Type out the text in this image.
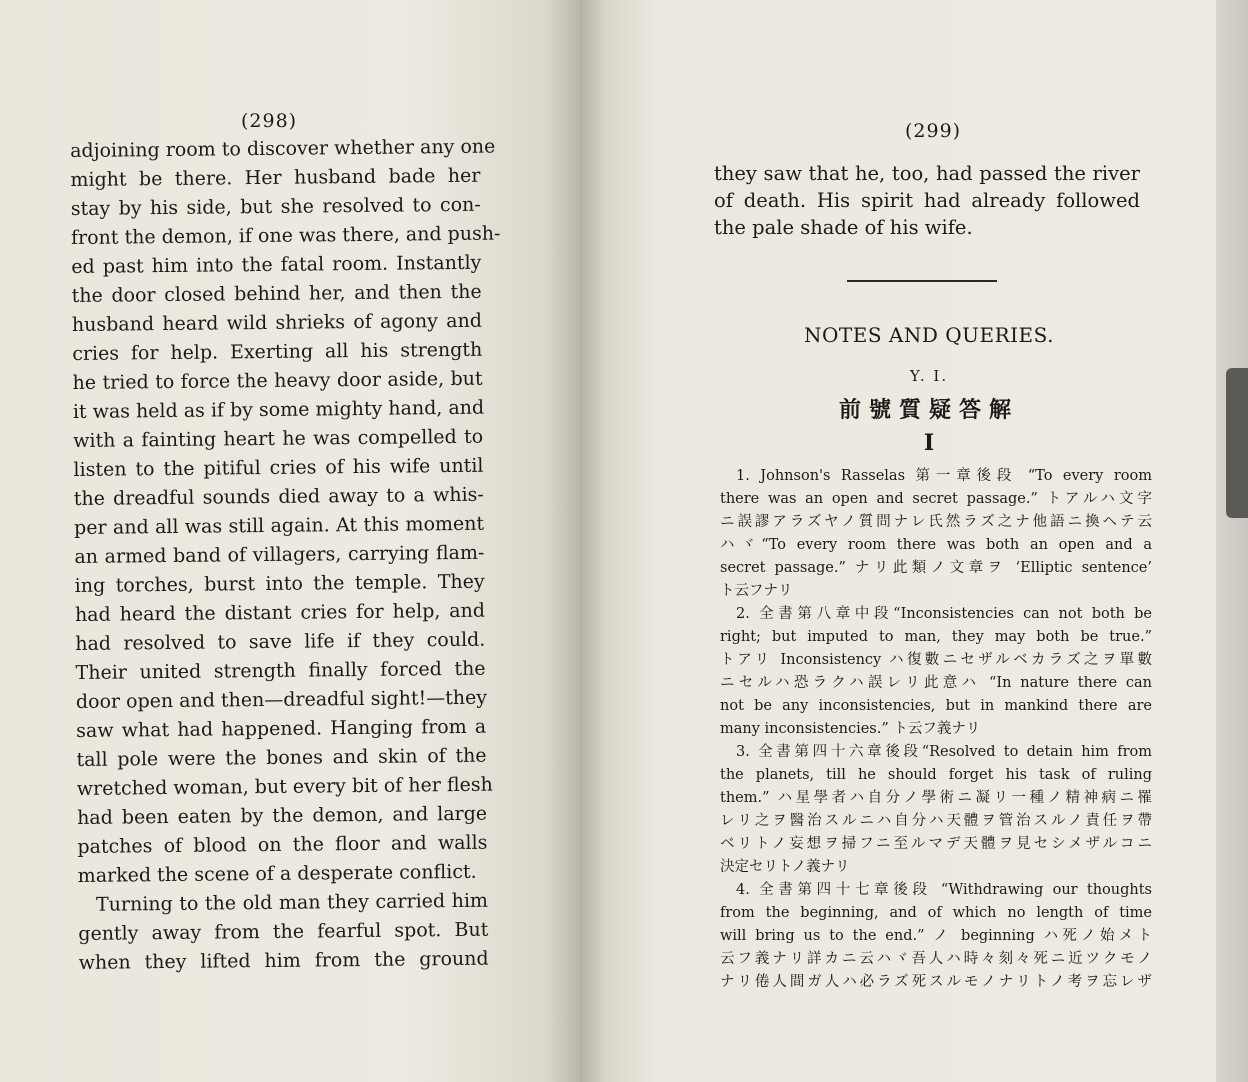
(298)
adjoining room to discover whether any one
might be there. Her husband bade her
stay by his side, but she resolved to con-
front the demon, if one was there, and push-
ed past him into the fatal room. Instantly
the door closed behind her, and then the
husband heard wild shrieks of agony and
cries for help. Exerting all his strength
he tried to force the heavy door aside, but
it was held as if by some mighty hand, and
with a fainting heart he was compelled to
listen to the pitiful cries of his wife until
the dreadful sounds died away to a whis-
per and all was still again. At this moment
an armed band of villagers, carrying flam-
ing torches, burst into the temple. They
had heard the distant cries for help, and
had resolved to save life if they could.
Their united strength finally forced the
door open and then—dreadful sight!—they
saw what had happened. Hanging from a
tall pole were the bones and skin of the
wretched woman, but every bit of her flesh
had been eaten by the demon, and large
patches of blood on the floor and walls
marked the scene of a desperate conflict.
Turning to the old man they carried him
gently away from the fearful spot. But
when they lifted him from the ground
(299)
they saw that he, too, had passed the river
of death. His spirit had already followed
the pale shade of his wife.
NOTES AND QUERIES.
Y. I.
前號質疑答解
I
1. Johnson's Rasselas 第一章後段 “To every room
there was an open and secret passage.” トアルハ文字
ニ誤謬アラズヤノ質問ナレ氏然ラズ之ナ他語ニ換ヘテ云
ハヾ“To every room there was both an open and a
secret passage.” ナリ此類ノ文章ヲ ‘Elliptic sentence’
ト云フナリ
2. 全書第八章中段“Inconsistencies can not both be
right; but imputed to man, they may both be true.”
トアリ Inconsistency ハ復數ニセザルベカラズ之ヲ單數
ニセルハ恐ラクハ誤レリ此意ハ “In nature there can
not be any inconsistencies, but in mankind there are
many inconsistencies.” ト云フ義ナリ
3. 全書第四十六章後段“Resolved to detain him from
the planets, till he should forget his task of ruling
them.” ハ星學者ハ自分ノ學術ニ凝リ一種ノ精神病ニ罹
レリ之ヲ醫治スルニハ自分ハ天體ヲ管治スルノ責任ヲ帶
ベリトノ妄想ヲ掃フニ至ルマデ天體ヲ見セシメザルコニ
決定セリトノ義ナリ
4. 全書第四十七章後段 “Withdrawing our thoughts
from the beginning, and of which no length of time
will bring us to the end.” ノ beginning ハ死ノ始メト
云フ義ナリ詳カニ云ハヾ吾人ハ時々刻々死ニ近ツクモノ
ナリ倦人間ガ人ハ必ラズ死スルモノナリトノ考ヲ忘レザ
